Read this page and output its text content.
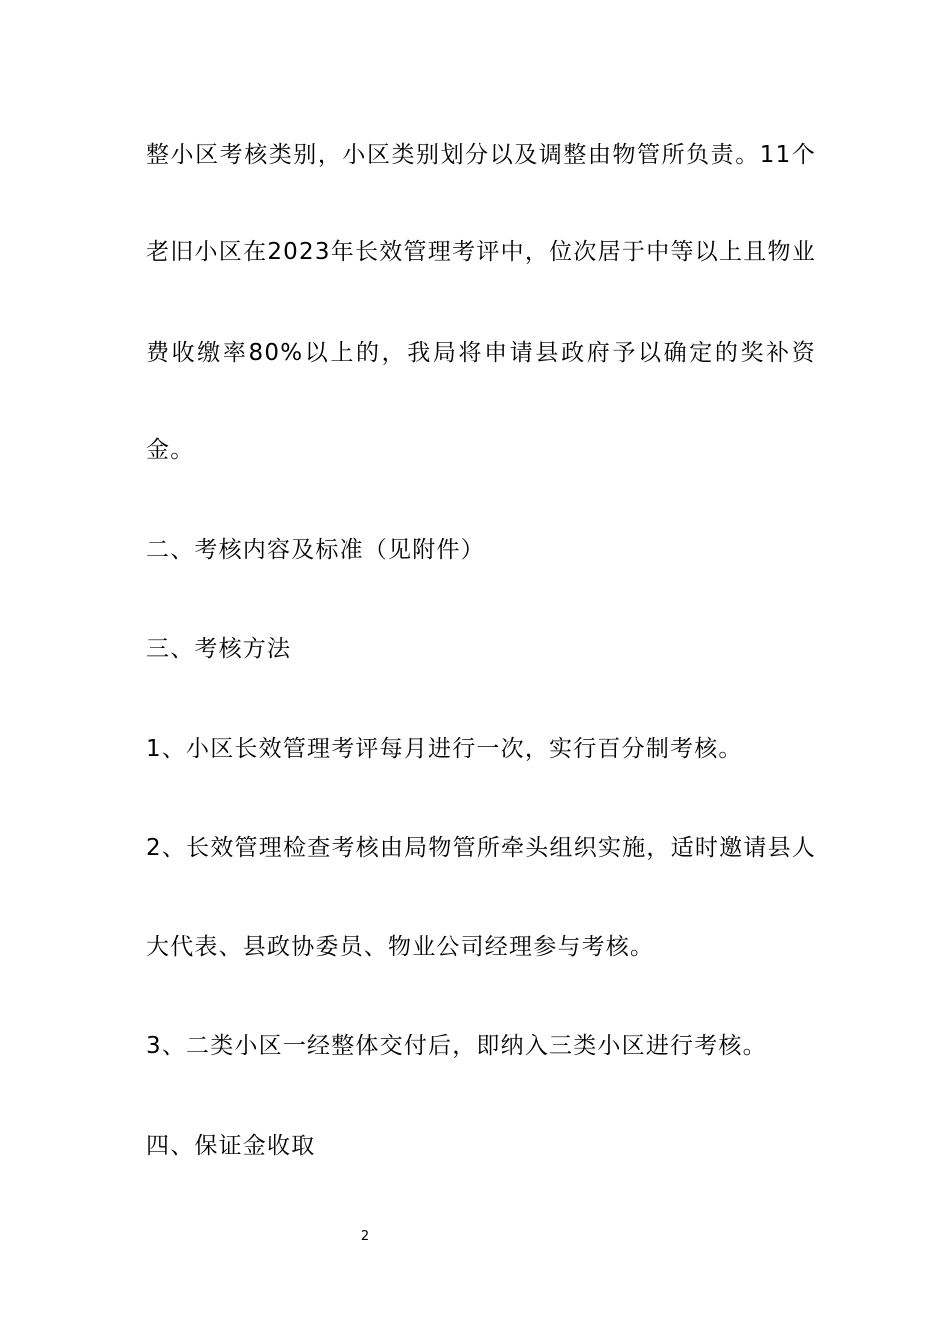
整小区考核类别，小区类别划分以及调整由物管所负责。11个
老旧小区在2023年长效管理考评中，位次居于中等以上且物业
费收缴率80%以上的，我局将申请县政府予以确定的奖补资
金。
二、考核内容及标准（见附件）
三、考核方法
1、小区长效管理考评每月进行一次，实行百分制考核。
2、长效管理检查考核由局物管所牵头组织实施，适时邀请县人
大代表、县政协委员、物业公司经理参与考核。
3、二类小区一经整体交付后，即纳入三类小区进行考核。
四、保证金收取
2
